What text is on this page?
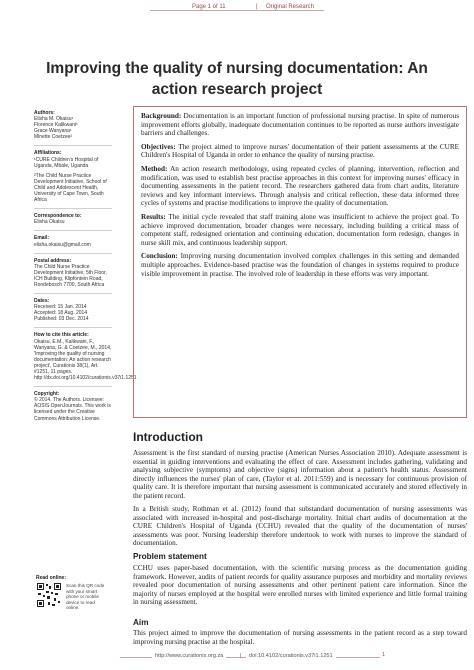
Page 1 of 11	|	Original Research
Improving the quality of nursing documentation: An action research project
Authors:
Elisha M. Okaisu¹
Florence Kalikwani¹
Grace Wanyana¹
Minette Coetzee²
Affiliations:
¹CURE Children's Hospital of Uganda, Mbale, Uganda
²The Child Nurse Practice Development Initiative, School of Child and Adolescent Health, University of Cape Town, South Africa
Correspondence to:
Elisha Okaisu
Email:
elisha.okaisu@gmail.com
Postal address:
The Child Nurse Practice Development Initiative, 5th Floor, ICH Building, Klipfontein Road, Rondebosch 7700, South Africa
Dates:
Received: 15 Jan. 2014
Accepted: 18 Aug. 2014
Published: 03 Dec. 2014
How to cite this article:
Okaisu, E.M., Kalikwani, F., Wanyana, G. & Coetzee, M., 2014, 'Improving the quality of nursing documentation: An action research project', Curationis 38(1), Art. #1251, 11 pages. http://dx.doi.org/10.4102/curationis.v37i1.1251
Copyright:
© 2014. The Authors. Licensee: AOSIS OpenJournals. This work is licensed under the Creative Commons Attribution License.
Read online:
Scan this QR code with your smart phone or mobile device to read online.

Background: Documentation is an important function of professional nursing practise. In spite of numerous improvement efforts globally, inadequate documentation continues to be reported as nurse authors investigate barriers and challenges.

Objectives: The project aimed to improve nurses' documentation of their patient assessments at the CURE Children's Hospital of Uganda in order to enhance the quality of nursing practise.

Method: An action research methodology, using repeated cycles of planning, intervention, reflection and modification, was used to establish best practise approaches in this context for improving nurses' efficacy in documenting assessments in the patient record. The researchers gathered data from chart audits, literature reviews and key informant interviews. Through analysis and critical reflection, these data informed three cycles of systems and practise modifications to improve the quality of documentation.

Results: The initial cycle revealed that staff training alone was insufficient to achieve the project goal. To achieve improved documentation, broader changes were necessary, including building a critical mass of competent staff, redesigned orientation and continuing education, documentation form redesign, changes in nurse skill mix, and continuous leadership support.

Conclusion: Improving nursing documentation involved complex challenges in this setting and demanded multiple approaches. Evidence-based practise was the foundation of changes in systems required to produce visible improvement in practise. The involved role of leadership in these efforts was very important.

Introduction

Assessment is the first standard of nursing practise (American Nurses Association 2010). Adequate assessment is essential in guiding interventions and evaluating the effect of care. Assessment includes gathering, validating and analysing subjective (symptoms) and objective (signs) information about a patient's health status. Assessment directly influences the nurses' plan of care, (Taylor et al. 2011:559) and is necessary for continuous provision of quality care. It is therefore important that nursing assessment is communicated accurately and stored effectively in the patient record.

In a British study, Rothman et al. (2012) found that substandard documentation of nursing assessments was associated with increased in-hospital and post-discharge mortality. Initial chart audits of documentation at the CURE Children's Hospital of Uganda (CCHU) revealed that the quality of the documentation of nurses' assessments was poor. Nursing leadership therefore undertook to work with nurses to improve the standard of documentation.

Problem statement

CCHU uses paper-based documentation, with the scientific nursing process as the documentation guiding framework. However, audits of patient records for quality assurance purposes and morbidity and mortality reviews revealed poor documentation of nursing assessments and other pertinent patient care information. Since the majority of nurses employed at the hospital were enrolled nurses with limited experience and little formal training in nursing assessment.

Aim

This project aimed to improve the documentation of nursing assessments in the patient record as a step toward improving nursing practise at the hospital.

http://www.curationis.org.za	|	doi:10.4102/curationis.v37i1.1251	1
